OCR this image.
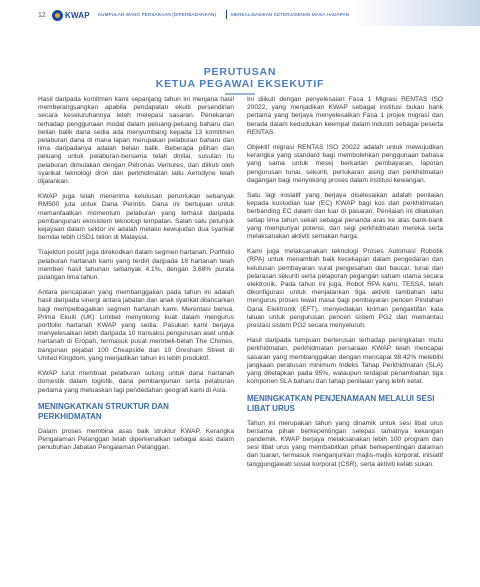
12 KWAP KUMPULAN WANG PERSARAAN (DIPERBADANKAN)	MEREALISASIKAN KETERJAMINAN MASA HADAPAN
PERUTUSAN
KETUA PEGAWAI EKSEKUTIF

Hasil daripada komitmen kami sepanjang tahun ini menjana hasil memberangsangkan apabila pendapatan ekuiti persendirian secara keseluruhannya telah melepasi sasaran. Penekanan terhadap penggunaan modal dalam peluang-peluang baharu dan belian balik dana sedia ada menyumbang kepada 13 komitmen pelaburan dana di mana lapan merupakan pelaburan baharu dan lima daripadanya adalah belian balik. Beberapa pilihan dan peluang untuk pelaburan-bersama telah dinilai, susulan itu pelaburan dimulakan dengan Petronas Ventures, dan diikuti oleh syarikat teknologi dron dan perkhidmatan iaitu Aerodyne telah dijalankan.

KWAP juga telah menerima kelulusan peruntukan sebanyak RM500 juta untuk Dana Perintis. Dana ini bertujuan untuk memanfaatkan momentum pelaburan yang terhasil daripada pembangunan ekosistem teknologi tempatan. Salah satu petunjuk kejayaan dalam sektor ini adalah melalui kewujudan dua syarikat bernilai lebih USD1 bilion di Malaysia.

Trajektori positif juga direkodkan dalam segmen hartanah. Portfolio pelaburan hartanah kami yang terdiri daripada 18 hartanah telah memberi hasil tahunan sebanyak 4.1%, dengan 3.68% purata pulangan lima tahun.

Antara pencapaian yang membanggakan pada tahun ini adalah hasil daripada sinergi antara jabatan dan anak syarikat dilancarkan bagi mempelbagaikan segmen hartanah kami. Merentasi benua, Prima Ekuiti (UK) Limited menyokong kuat dalam mengurus portfolio hartanah KWAP yang sedia. Pasukan kami berjaya menyelesaikan lebih daripada 10 transaksi pengurusan aset untuk hartanah di Eropah, termasuk pusat membeli-belah The Chimes, bangunan pejabat 100 Cheapside dan 10 Gresham Street di United Kingdom, yang menjadikan tahun ini lebih produktif.

KWAP turut membuat pelaburan sulung untuk dana hartanah domestik dalam logistik, dana pembangunan serta pelaburan pertama yang meluaskan lagi pendedahan geografi kami di Asia.

MENINGKATKAN STRUKTUR DAN PERKHIDMATAN

Dalam proses membina asas baik struktur KWAP, Kerangka Pengalaman Pelanggan telah diperkenalkan sebagai asas dalam penubuhan Jabatan Pengalaman Pelanggan.

Ini diikuti dengan penyelesaian Fasa 1 Migrasi RENTAS ISO 20022, yang menjadikan KWAP sebagai institusi bukan bank pertama yang berjaya menyelesaikan Fasa 1 projek migrasi dan berada dalam kedudukan keempat dalam industri sebagai peserta RENTAS.

Objektif migrasi RENTAS ISO 20022 adalah untuk mewujudkan kerangka yang standard bagi membolehkan penggunaan bahasa yang sama untuk mesej berkaitan pembayaran, laporan pengurusan tunai, sekuriti, pertukaran asing dan perkhidmatan dagangan bagi menyokong proses dalam institusi kewangan.

Satu lagi inisiatif yang berjaya diselesaikan adalah penilaian kepada kustodian luar (EC) KWAP bagi kos dan perkhidmatan berbanding EC dalam dan luar di pasaran. Penilaian ini dilakukan setiap lima tahun sekali sebagai penanda aras ke atas bank-bank yang mempunyai potensi, dan segi perkhidmatan mereka serta melaksanakan aktiviti semakan harga.

Kami juga melaksanakan teknologi Proses Automasi Robotik (RPA) untuk menambah baik kecekapan dalam pengedaran dan kelulusan pembayaran surat pengesahan dan baucar, tunai dan pelarasan sekuriti serta pelaporan pegangan saham utama secara elektronik. Pada tahun ini juga, Robot RPA kami, TESSA, telah dikonfigurasi untuk menjalankan tiga aktiviti tambahan iaitu mengurus proses lewat masa bagi pembayaran pencen Pindahan Dana Elektronik (EFT), menyediakan kiriman pengaktifan kata laluan untuk pengurusan pencen sistem PG2 dan memantau prestasi sistem PG2 secara menyeluruh.

Hasil daripada tumpuan berterusan terhadap peningkatan mutu perkhidmatan, perkhidmatan persaraan KWAP telah mencapai sasaran yang membanggakan dengan mencapai 98.42% melebihi jangkaan peratusan minimum Indeks Tahap Perkhidmatan (SLA) yang ditetapkan pada 95%, walaupun terdapat penambahan tiga komponen SLA baharu dan tahap penilaian yang lebih ketat.

MENINGKATKAN PENJENAMAAN MELALUI SESI LIBAT URUS

Tahun ini merupakan tahun yang dinamik untuk sesi libat urus bersama pihak berkepentingan selepas tamatnya kekangan pandemik. KWAP berjaya melaksanakan lebih 100 program dan sesi libat urus yang membabitkan pihak berkepentingan dalaman dan luaran, termasuk menganjurkan majlis-majlis korporat, inisiatif tanggungjawab sosial korporat (CSR), serta aktiviti kelab sukan.
